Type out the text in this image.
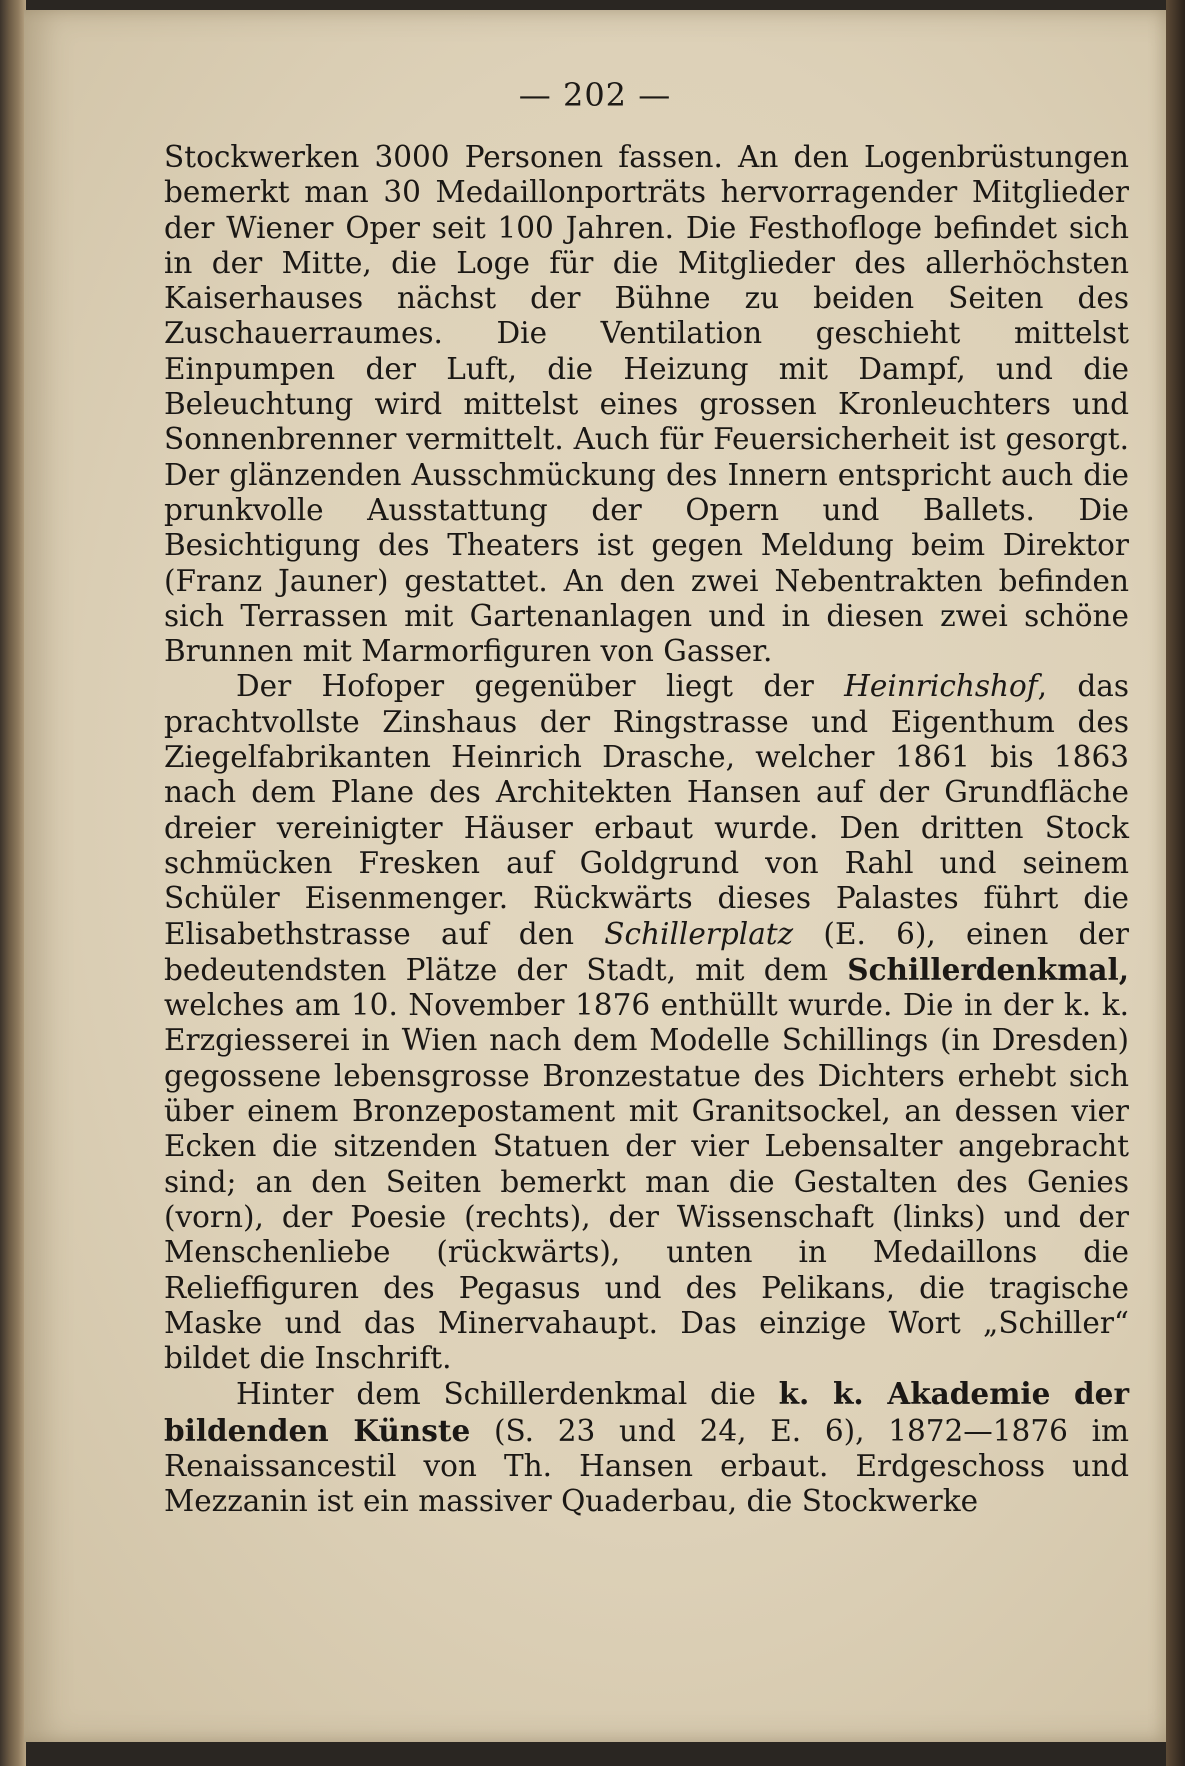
— 202 —

Stockwerken 3000 Personen fassen. An den Logenbrüstungen bemerkt man 30 Medaillonporträts hervorragender Mitglieder der Wiener Oper seit 100 Jahren. Die Festhofloge befindet sich in der Mitte, die Loge für die Mitglieder des allerhöchsten Kaiserhauses nächst der Bühne zu beiden Seiten des Zuschauerraumes. Die Ventilation geschieht mittelst Einpumpen der Luft, die Heizung mit Dampf, und die Beleuchtung wird mittelst eines grossen Kronleuchters und Sonnenbrenner vermittelt. Auch für Feuersicherheit ist gesorgt. Der glänzenden Ausschmückung des Innern entspricht auch die prunkvolle Ausstattung der Opern und Ballets. Die Besichtigung des Theaters ist gegen Meldung beim Direktor (Franz Jauner) gestattet. An den zwei Nebentrakten befinden sich Terrassen mit Gartenanlagen und in diesen zwei schöne Brunnen mit Marmorfiguren von Gasser.

Der Hofoper gegenüber liegt der Heinrichshof, das prachtvollste Zinshaus der Ringstrasse und Eigenthum des Ziegelfabrikanten Heinrich Drasche, welcher 1861 bis 1863 nach dem Plane des Architekten Hansen auf der Grundfläche dreier vereinigter Häuser erbaut wurde. Den dritten Stock schmücken Fresken auf Goldgrund von Rahl und seinem Schüler Eisenmenger. Rückwärts dieses Palastes führt die Elisabethstrasse auf den Schillerplatz (E. 6), einen der bedeutendsten Plätze der Stadt, mit dem Schillerdenkmal, welches am 10. November 1876 enthüllt wurde. Die in der k. k. Erzgiesserei in Wien nach dem Modelle Schillings (in Dresden) gegossene lebensgrosse Bronzestatue des Dichters erhebt sich über einem Bronzepostament mit Granitsockel, an dessen vier Ecken die sitzenden Statuen der vier Lebensalter angebracht sind; an den Seiten bemerkt man die Gestalten des Genies (vorn), der Poesie (rechts), der Wissenschaft (links) und der Menschenliebe (rückwärts), unten in Medaillons die Reliefﬁguren des Pegasus und des Pelikans, die tragische Maske und das Minervahaupt. Das einzige Wort „Schiller“ bildet die Inschrift.

Hinter dem Schillerdenkmal die k. k. Akademie der bildenden Künste (S. 23 und 24, E. 6), 1872—1876 im Renaissancestil von Th. Hansen erbaut. Erdgeschoss und Mezzanin ist ein massiver Quaderbau, die Stockwerke
